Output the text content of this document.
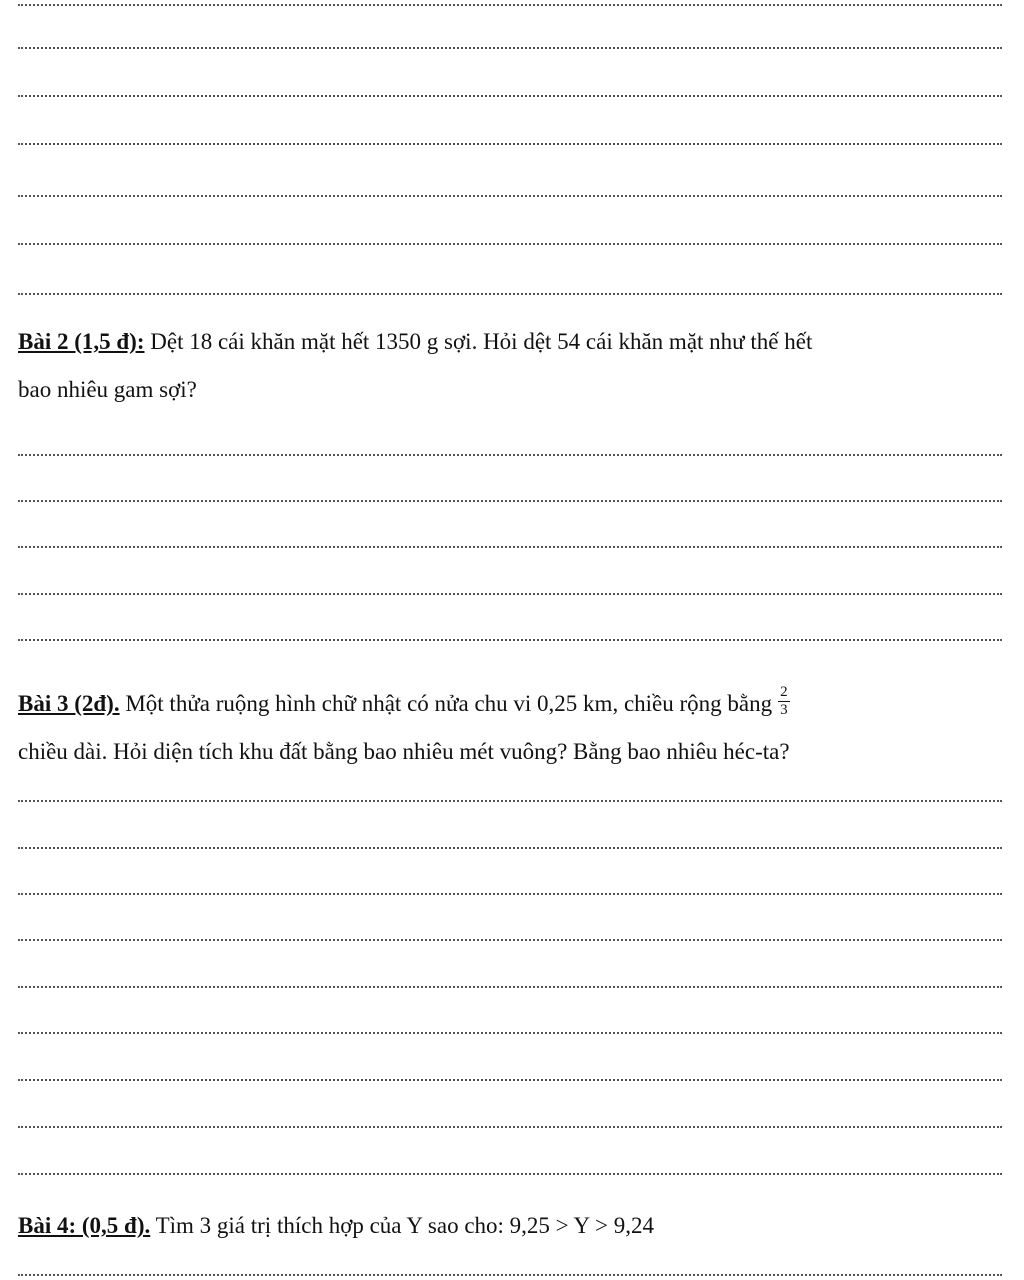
Bài 2 (1,5 đ): Dệt 18 cái khăn mặt hết 1350 g sợi. Hỏi dệt 54 cái khăn mặt như thế hết
bao nhiêu gam sợi?
Bài 3 (2đ). Một thửa ruộng hình chữ nhật có nửa chu vi 0,25 km, chiều rộng bằng $\frac{2}{3}$
chiều dài. Hỏi diện tích khu đất bằng bao nhiêu mét vuông? Bằng bao nhiêu héc-ta?
Bài 4: (0,5 đ). Tìm 3 giá trị thích hợp của Y sao cho: 9,25 > Y > 9,24
